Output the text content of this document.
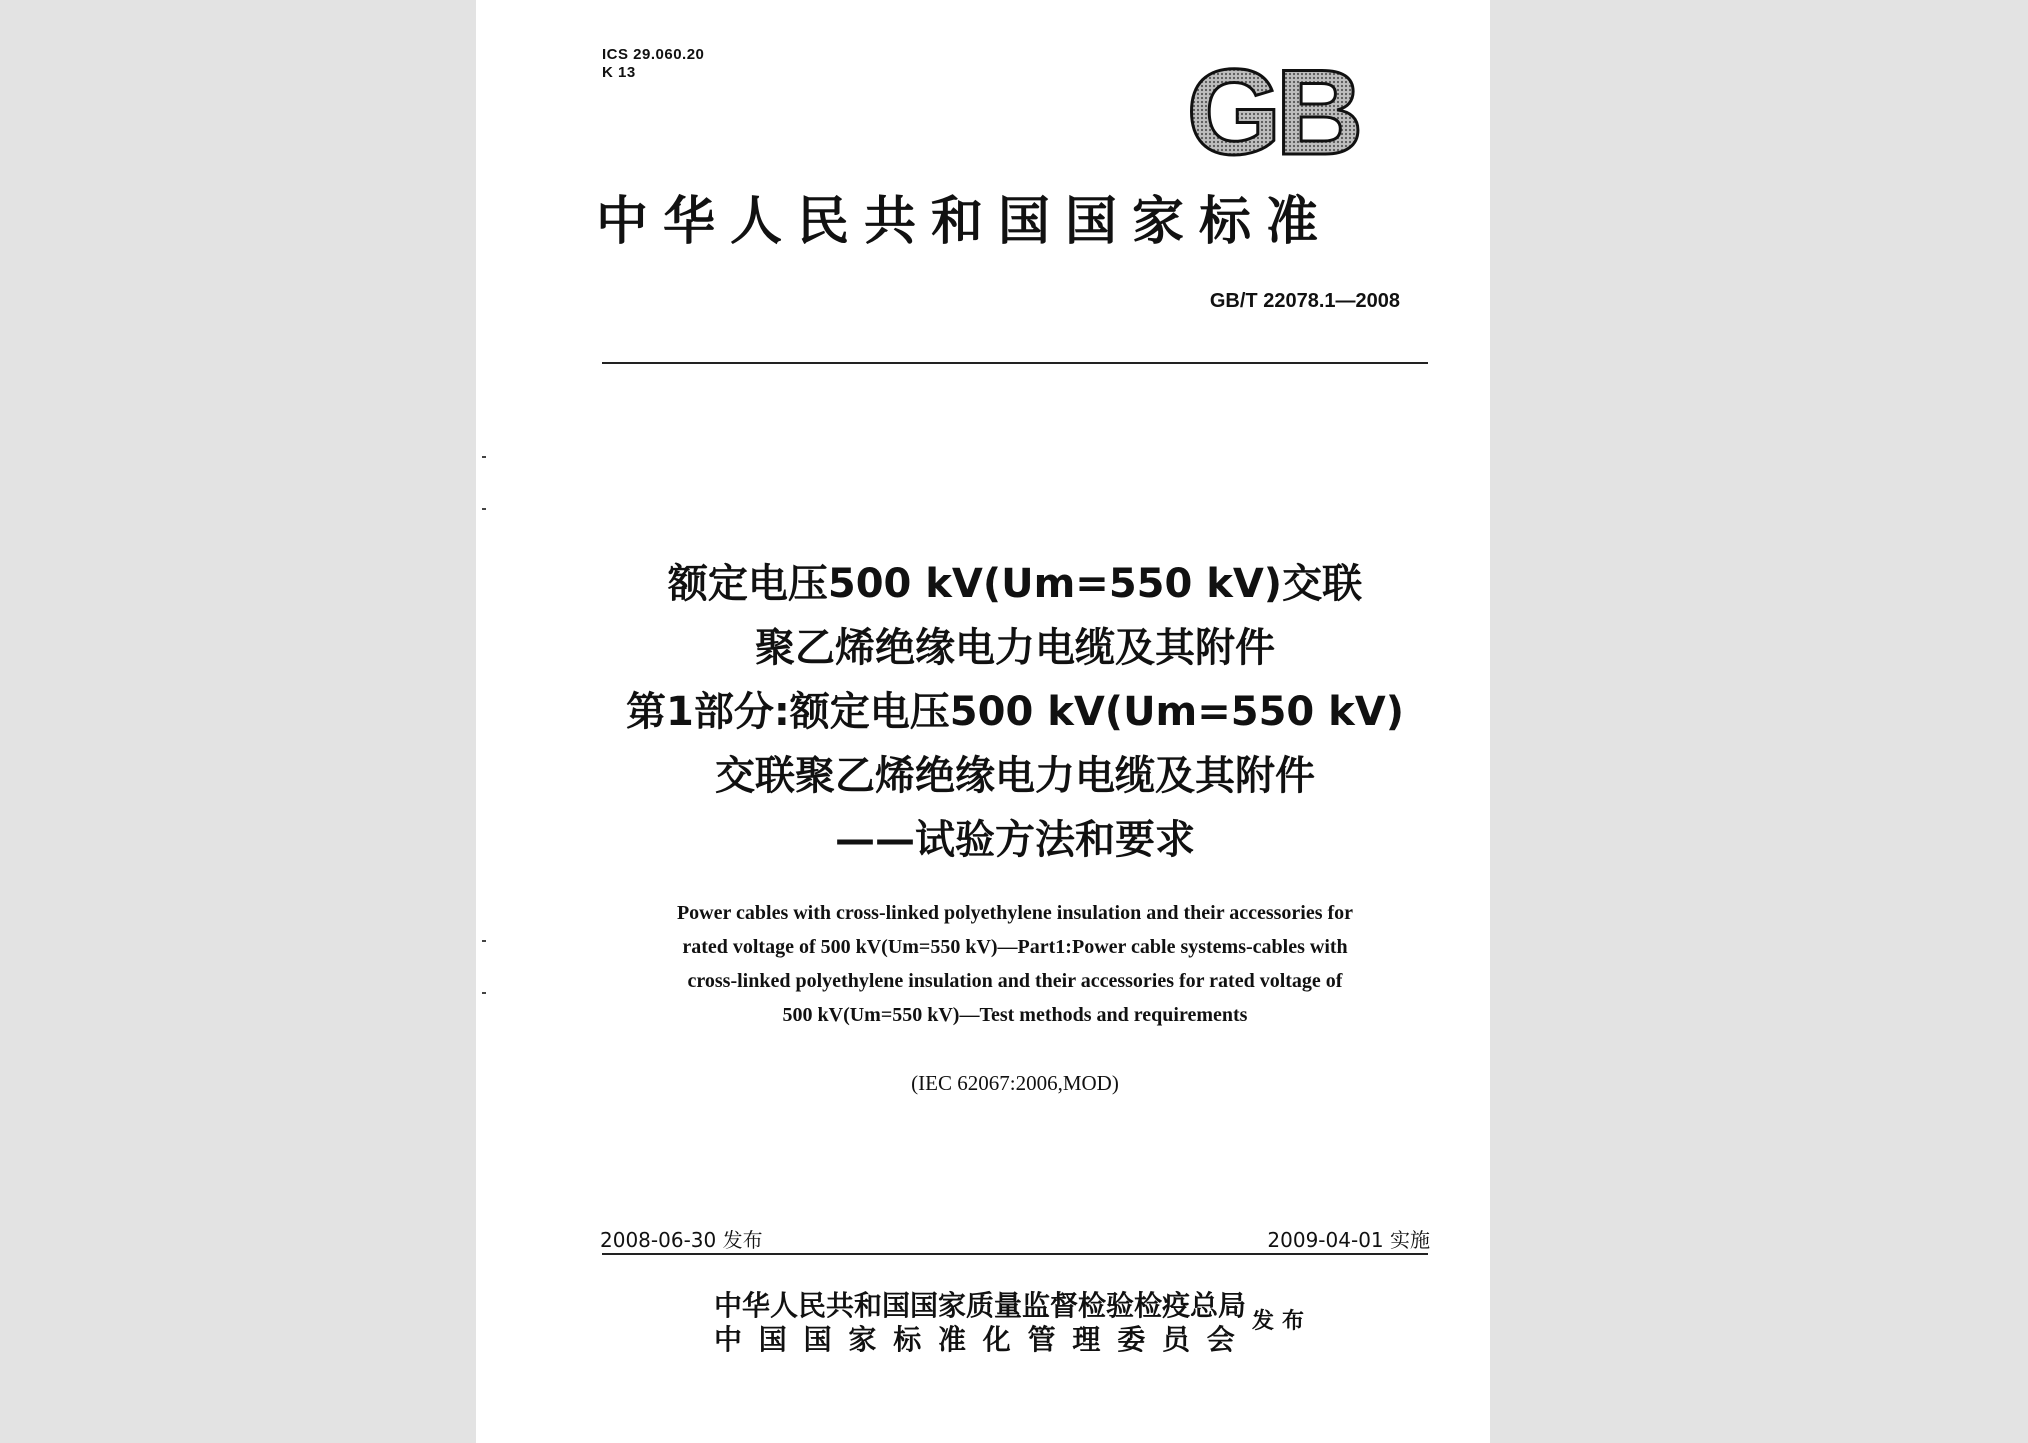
ICS 29.060.20
K 13	GB
中华人民共和国国家标准
GB/T 22078.1—2008
额定电压500 kV(Um=550 kV)交联
聚乙烯绝缘电力电缆及其附件
第1部分:额定电压500 kV(Um=550 kV)
交联聚乙烯绝缘电力电缆及其附件
——试验方法和要求
Power cables with cross-linked polyethylene insulation and their accessories for
rated voltage of 500 kV(Um=550 kV)—Part1:Power cable systems-cables with
cross-linked polyethylene insulation and their accessories for rated voltage of
500 kV(Um=550 kV)—Test methods and requirements
(IEC 62067:2006,MOD)
2008-06-30 发布	2009-04-01 实施
中华人民共和国国家质量监督检验检疫总局
中国国家标准化管理委员会
发布
